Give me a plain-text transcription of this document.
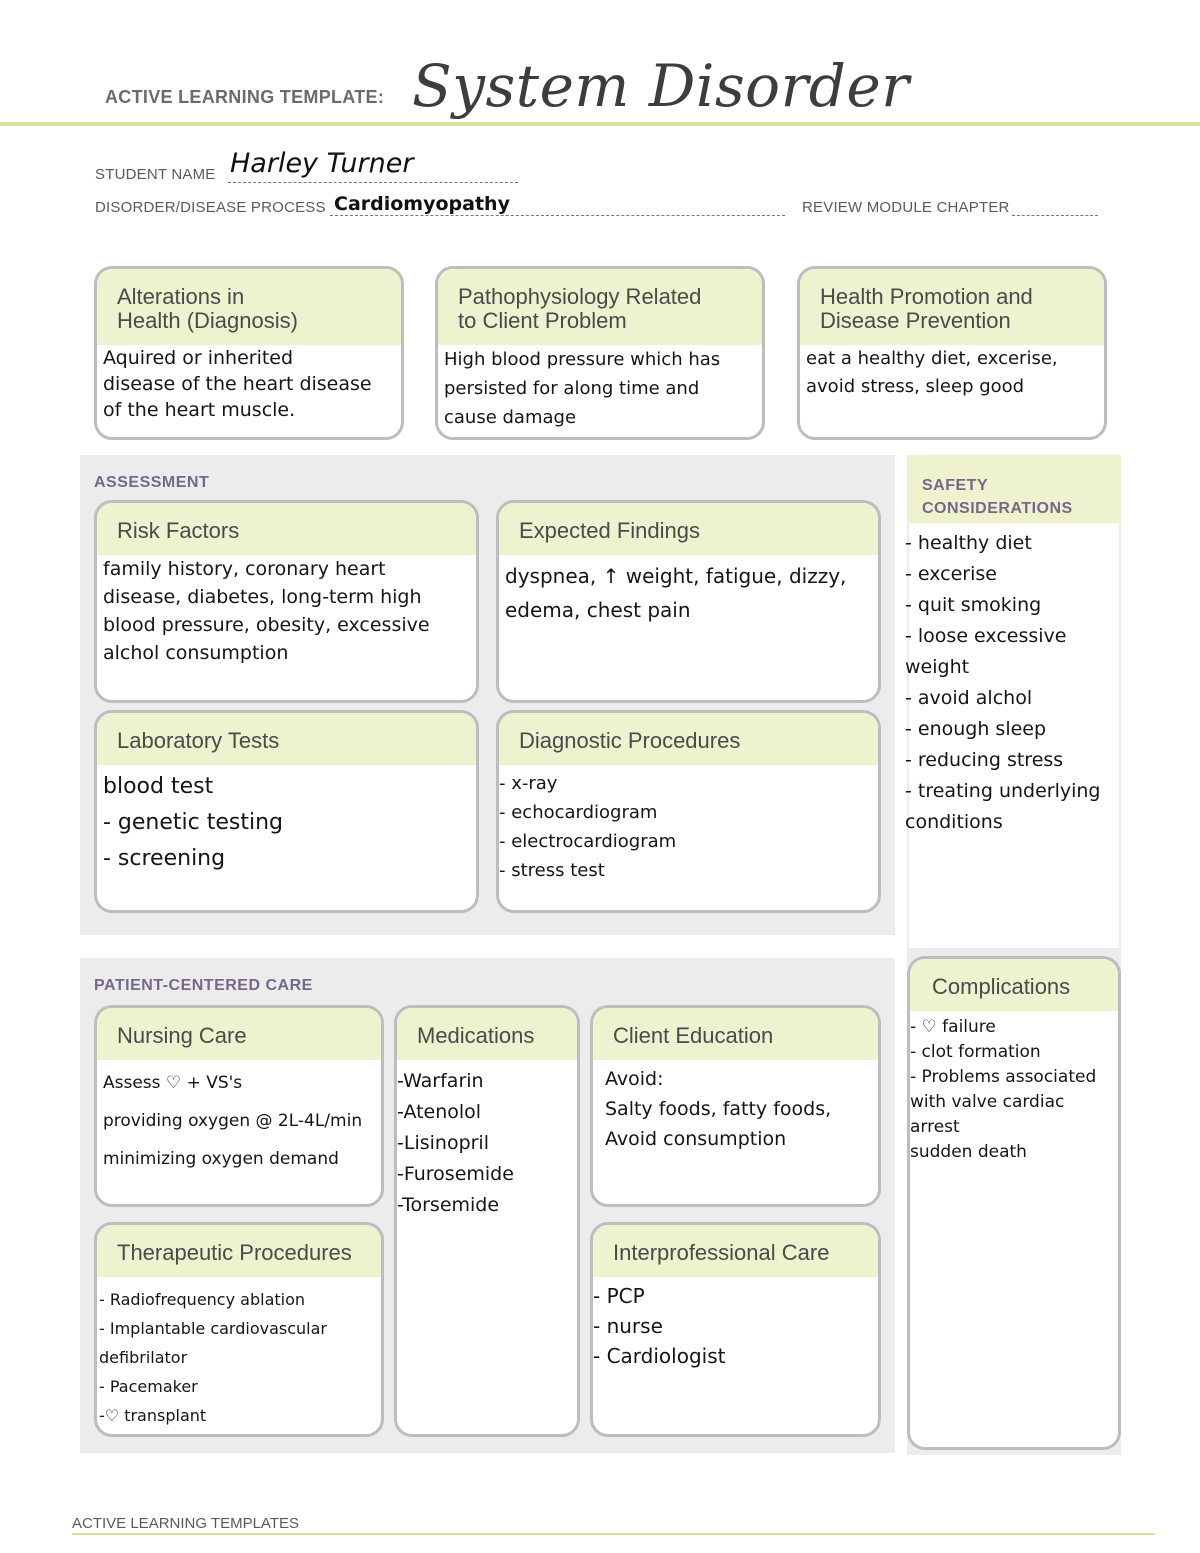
ACTIVE LEARNING TEMPLATE: System Disorder
STUDENT NAME Harley Turner
DISORDER/DISEASE PROCESS Cardiomyopathy	REVIEW MODULE CHAPTER
Alterations in
Health (Diagnosis)
Aquired or inherited
disease of the heart disease
of the heart muscle.
Pathophysiology Related
to Client Problem
High blood pressure which has
persisted for along time and
cause damage
Health Promotion and
Disease Prevention
eat a healthy diet, excerise,
avoid stress, sleep good
ASSESSMENT
Risk Factors
family history, coronary heart
disease, diabetes, long-term high
blood pressure, obesity, excessive
alchol consumption
Expected Findings
dyspnea, ↑ weight, fatigue, dizzy,
edema, chest pain
Laboratory Tests
blood test
- genetic testing
- screening
Diagnostic Procedures
- x-ray
- echocardiogram
- electrocardiogram
- stress test
SAFETY
CONSIDERATIONS
- healthy diet
- excerise
- quit smoking
- loose excessive
weight
- avoid alchol
- enough sleep
- reducing stress
- treating underlying
conditions
Complications
- ♡ failure
- clot formation
- Problems associated
with valve cardiac
arrest
sudden death
PATIENT-CENTERED CARE
Nursing Care
Assess ♡ + VS's
providing oxygen @ 2L-4L/min
minimizing oxygen demand
Medications
-Warfarin
-Atenolol
-Lisinopril
-Furosemide
-Torsemide
Client Education
Avoid:
Salty foods, fatty foods,
Avoid consumption
Therapeutic Procedures
- Radiofrequency ablation
- Implantable cardiovascular
defibrilator
- Pacemaker
-♡ transplant
Interprofessional Care
- PCP
- nurse
- Cardiologist
ACTIVE LEARNING TEMPLATES
